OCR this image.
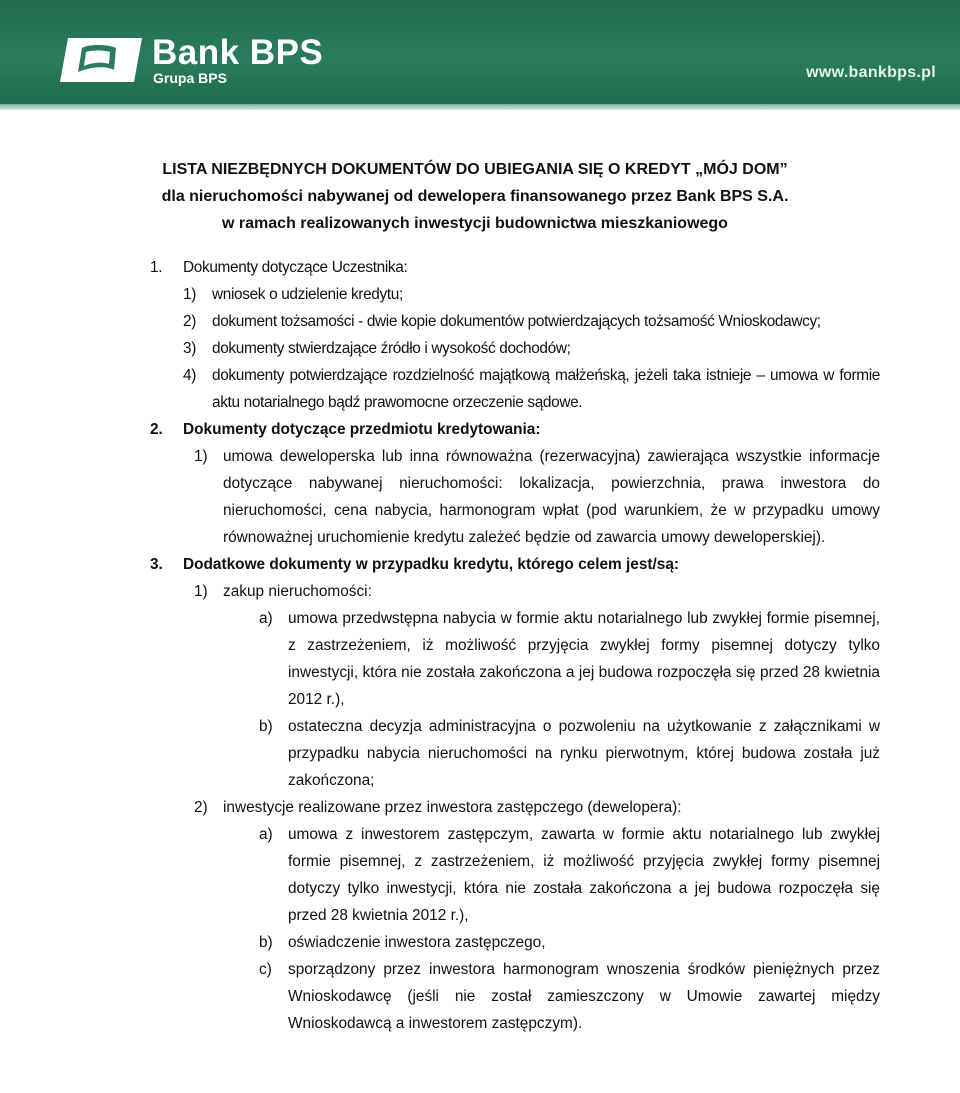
Bank BPS
Grupa BPS	www.bankbps.pl
LISTA NIEZBĘDNYCH DOKUMENTÓW DO UBIEGANIA SIĘ O KREDYT „MÓJ DOM”
dla nieruchomości nabywanej od dewelopera finansowanego przez Bank BPS S.A.
w ramach realizowanych inwestycji budownictwa mieszkaniowego
1. Dokumenty dotyczące Uczestnika:
1) wniosek o udzielenie kredytu;
2) dokument tożsamości - dwie kopie dokumentów potwierdzających tożsamość Wnioskodawcy;
3) dokumenty stwierdzające źródło i wysokość dochodów;
4) dokumenty potwierdzające rozdzielność majątkową małżeńską, jeżeli taka istnieje – umowa w formie aktu notarialnego bądź prawomocne orzeczenie sądowe.
2. Dokumenty dotyczące przedmiotu kredytowania:
1) umowa deweloperska lub inna równoważna (rezerwacyjna) zawierająca wszystkie informacje dotyczące nabywanej nieruchomości: lokalizacja, powierzchnia, prawa inwestora do nieruchomości, cena nabycia, harmonogram wpłat (pod warunkiem, że w przypadku umowy równoważnej uruchomienie kredytu zależeć będzie od zawarcia umowy deweloperskiej).
3. Dodatkowe dokumenty w przypadku kredytu, którego celem jest/są:
1) zakup nieruchomości:
a) umowa przedwstępna nabycia w formie aktu notarialnego lub zwykłej formie pisemnej, z zastrzeżeniem, iż możliwość przyjęcia zwykłej formy pisemnej dotyczy tylko inwestycji, która nie została zakończona a jej budowa rozpoczęła się przed 28 kwietnia 2012 r.),
b) ostateczna decyzja administracyjna o pozwoleniu na użytkowanie z załącznikami w przypadku nabycia nieruchomości na rynku pierwotnym, której budowa została już zakończona;
2) inwestycje realizowane przez inwestora zastępczego (dewelopera):
a) umowa z inwestorem zastępczym, zawarta w formie aktu notarialnego lub zwykłej formie pisemnej, z zastrzeżeniem, iż możliwość przyjęcia zwykłej formy pisemnej dotyczy tylko inwestycji, która nie została zakończona a jej budowa rozpoczęła się przed 28 kwietnia 2012 r.),
b) oświadczenie inwestora zastępczego,
c) sporządzony przez inwestora harmonogram wnoszenia środków pieniężnych przez Wnioskodawcę (jeśli nie został zamieszczony w Umowie zawartej między Wnioskodawcą a inwestorem zastępczym).
